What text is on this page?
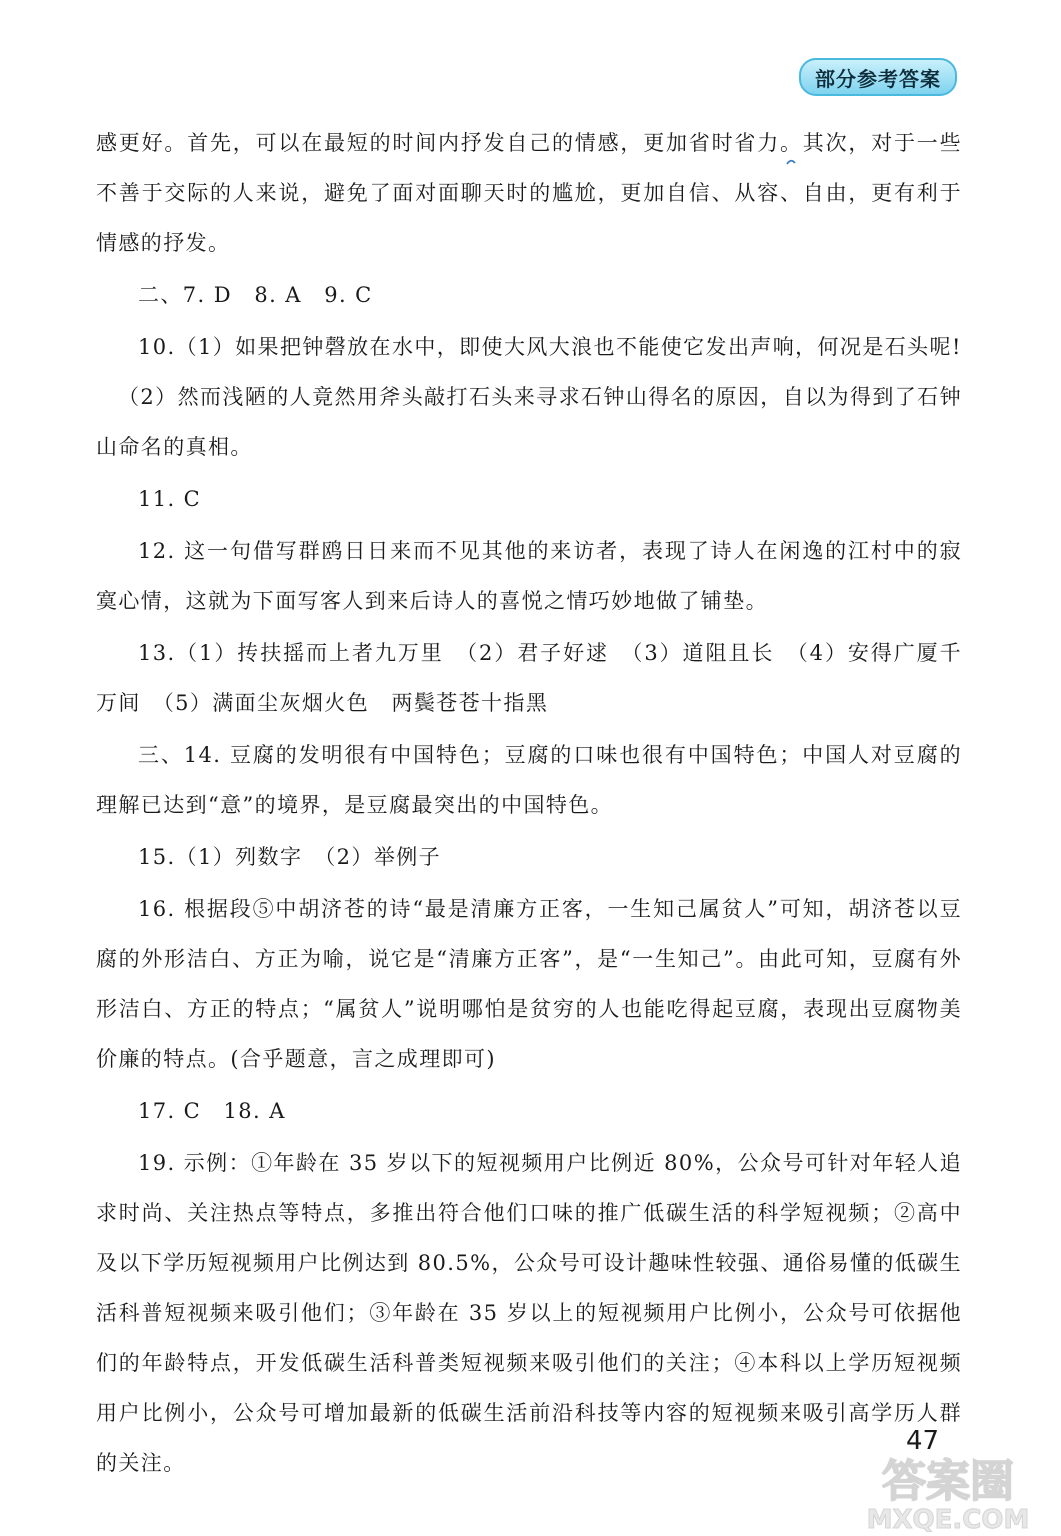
部分参考答案

感更好。首先，可以在最短的时间内抒发自己的情感，更加省时省力。其次，对于一些不善于交际的人来说，避免了面对面聊天时的尴尬，更加自信、从容、自由，更有利于情感的抒发。

二、7. D　8. A　9. C

10.（1）如果把钟磬放在水中，即使大风大浪也不能使它发出声响，何况是石头呢!

（2）然而浅陋的人竟然用斧头敲打石头来寻求石钟山得名的原因，自以为得到了石钟山命名的真相。

11. C

12. 这一句借写群鸥日日来而不见其他的来访者，表现了诗人在闲逸的江村中的寂寞心情，这就为下面写客人到来后诗人的喜悦之情巧妙地做了铺垫。

13.（1）抟扶摇而上者九万里　（2）君子好逑　（3）道阻且长　（4）安得广厦千万间　（5）满面尘灰烟火色　两鬓苍苍十指黑

三、14. 豆腐的发明很有中国特色；豆腐的口味也很有中国特色；中国人对豆腐的理解已达到“意”的境界，是豆腐最突出的中国特色。

15.（1）列数字　（2）举例子

16. 根据段⑤中胡济苍的诗“最是清廉方正客，一生知己属贫人”可知，胡济苍以豆腐的外形洁白、方正为喻，说它是“清廉方正客”，是“一生知己”。由此可知，豆腐有外形洁白、方正的特点；“属贫人”说明哪怕是贫穷的人也能吃得起豆腐，表现出豆腐物美价廉的特点。(合乎题意，言之成理即可)

17. C　18. A

19. 示例：①年龄在 35 岁以下的短视频用户比例近 80%，公众号可针对年轻人追求时尚、关注热点等特点，多推出符合他们口味的推广低碳生活的科学短视频；②高中及以下学历短视频用户比例达到 80.5%，公众号可设计趣味性较强、通俗易懂的低碳生活科普短视频来吸引他们；③年龄在 35 岁以上的短视频用户比例小，公众号可依据他们的年龄特点，开发低碳生活科普类短视频来吸引他们的关注；④本科以上学历短视频用户比例小，公众号可增加最新的低碳生活前沿科技等内容的短视频来吸引高学历人群的关注。

47
答案圈
MXQE.COM
